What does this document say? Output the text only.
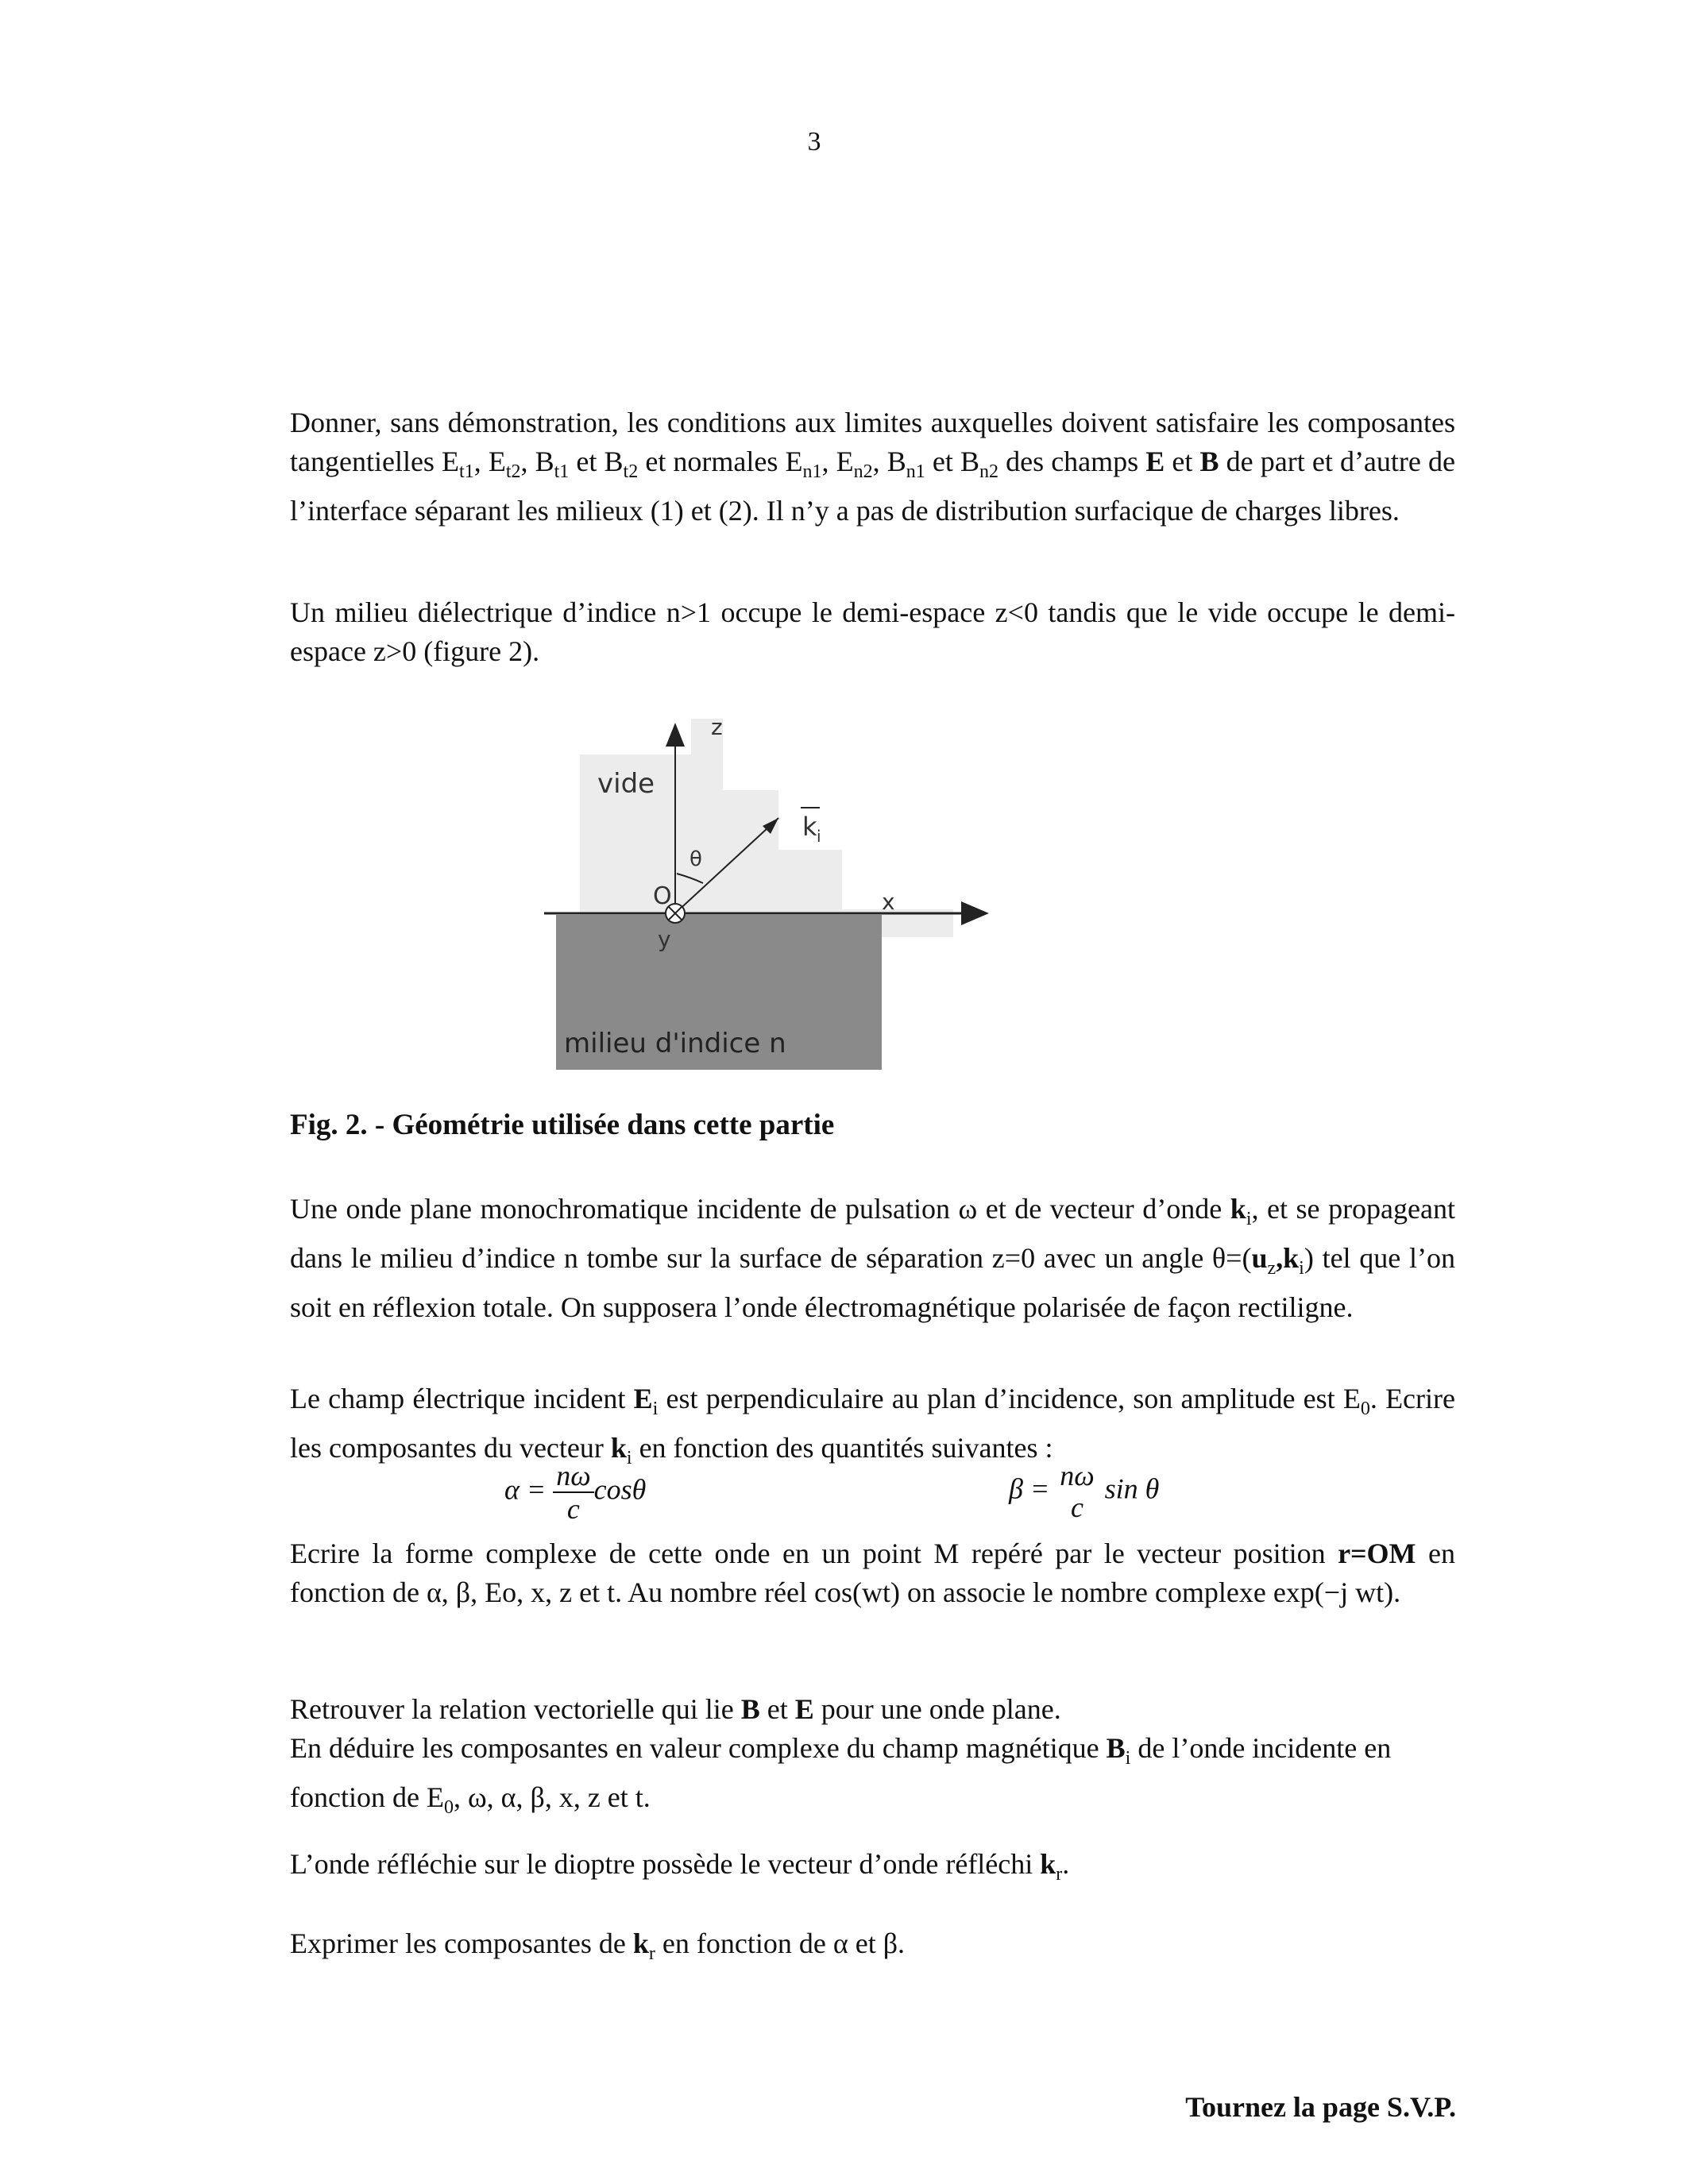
3
Donner, sans démonstration, les conditions aux limites auxquelles doivent satisfaire les composantes tangentielles $E_{t1}$, $E_{t2}$, $B_{t1}$ et $B_{t2}$ et normales $E_{n1}$, $E_{n2}$, $B_{n1}$ et $B_{n2}$ des champs E et B de part et d’autre de l’interface séparant les milieux (1) et (2). Il n’y a pas de distribution surfacique de charges libres.
Un milieu diélectrique d’indice n>1 occupe le demi-espace z<0 tandis que le vide occupe le demi-espace z>0 (figure 2).
vide
z
x
O
y
θ
k i
milieu d'indice n
Fig. 2. - Géométrie utilisée dans cette partie
Une onde plane monochromatique incidente de pulsation ω et de vecteur d’onde $k_i$, et se propageant dans le milieu d’indice n tombe sur la surface de séparation z=0 avec un angle $\theta=(u_z,k_i)$ tel que l’on soit en réflexion totale. On supposera l’onde électromagnétique polarisée de façon rectiligne.
Le champ électrique incident $E_i$ est perpendiculaire au plan d’incidence, son amplitude est $E_0$. Ecrire les composantes du vecteur $k_i$ en fonction des quantités suivantes :
$\alpha = \frac{n\omega}{c}$ cosθ	β = nω
c
sin θ
Ecrire la forme complexe de cette onde en un point M repéré par le vecteur position r=OM en fonction de α, β, Eo, x, z et t. Au nombre réel cos(wt) on associe le nombre complexe exp(−j wt).
Retrouver la relation vectorielle qui lie B et E pour une onde plane.
En déduire les composantes en valeur complexe du champ magnétique $B_i$ de l’onde incidente en fonction de $E_0$, ω, α, β, x, z et t.
L’onde réfléchie sur le dioptre possède le vecteur d’onde réfléchi $k_r$.
Exprimer les composantes de $k_r$ en fonction de α et β.
Tournez la page S.V.P.
